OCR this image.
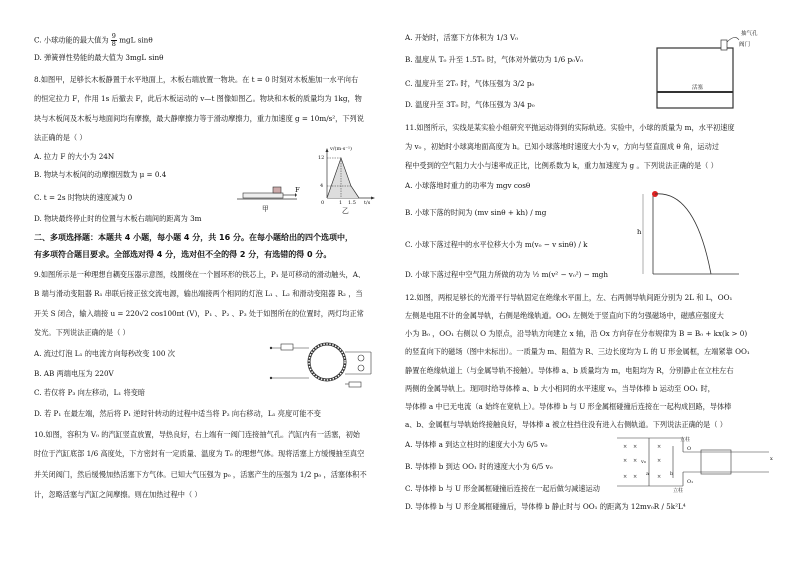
C. 小球动能的最大值为 $\frac{9}{8}$ mgL sinθ
D. 弹簧弹性势能的最大值为 3mgL sinθ
8.如图甲，足够长木板静置于水平地面上，木板右端放置一物块。在 t = 0 时刻对木板施加一水平向右
的恒定拉力 F，作用 1s 后撤去 F，此后木板运动的 v—t 图像如图乙。物块和木板的质量均为 1kg，物
块与木板间及木板与地面间均有摩擦，最大静摩擦力等于滑动摩擦力，重力加速度 g = 10m/s²，下列说
法正确的是（ ）
A. 拉力 F 的大小为 24N
B. 物块与木板间的动摩擦因数为 μ = 0.4
C. t = 2s 时物块的速度减为 0
D. 物块最终停止时的位置与木板右端间的距离为 3m
F
甲
v/(m·s⁻¹)
12
4
0	1 1.5 t/s
乙
二、多项选择题：本题共 4 小题，每小题 4 分，共 16 分。在每小题给出的四个选项中，
有多项符合题目要求。全部选对得 4 分，选对但不全的得 2 分，有选错的得 0 分。
9.如图所示是一种理想自耦变压器示意图，线圈绕在一个圆环形的铁芯上，P₁ 是可移动的滑动触头，A、
B 端与滑动变阻器 R₁ 串联后接正弦交流电源，输出端接两个相同的灯泡 L₁ 、L₂ 和滑动变阻器 R₂ ，当
开关 S 闭合，输入端接 u = 220√2 cos100πt (V)，P₁ 、P₂ 、P₃ 处于如图所在的位置时，两灯均正常
发光。下列说法正确的是（ ）
A. 流过灯泡 L₁ 的电流方向每秒改变 100 次
B. AB 两端电压为 220V
C. 若仅将 P₃ 向左移动，L₁ 将变暗
D. 若 P₁ 在最左端，然后将 P₁ 逆时针转动的过程中适当将 P₂ 向右移动，L₁ 亮度可能不变
10.如图，容积为 V₀ 的汽缸竖直放置，导热良好，右上端有一阀门连接抽气孔。汽缸内有一活塞，初始
时位于汽缸底部 1/6 高度处，下方密封有一定质量、温度为 T₀ 的理想气体。现将活塞上方缓慢抽至真空
并关闭阀门，然后缓慢加热活塞下方气体。已知大气压强为 p₀ ，活塞产生的压强为 1/2 p₀ ，活塞体积不
计，忽略活塞与汽缸之间摩擦。则在加热过程中（ ）
A. 开始时，活塞下方体积为 1/3 V₀
B. 温度从 T₀ 升至 1.5T₀ 时，气体对外做功为 1/6 p₀V₀
C. 温度升至 2T₀ 时，气体压强为 3/2 p₀
D. 温度升至 3T₀ 时，气体压强为 3/4 p₀
抽气孔
阀门
活塞
11.如图所示，实线是某实验小组研究平抛运动得到的实际轨迹。实验中，小球的质量为 m，水平初速度
为 v₀ ，初始时小球离地面高度为 h。已知小球落地时速度大小为 v，方向与竖直面成 θ 角，运动过
程中受到的空气阻力大小与速率成正比，比例系数为 k，重力加速度为 g 。下列说法正确的是（ ）
A. 小球落地时重力的功率为 mgv cosθ
B. 小球下落的时间为 (mv sinθ + kh) / mg
C. 小球下落过程中的水平位移大小为 m(v₀ − v sinθ) / k
D. 小球下落过程中空气阻力所做的功为 ½ m(v² − v₀²) − mgh
h
12.如图，两根足够长的光滑平行导轨固定在绝缘水平面上，左、右两侧导轨间距分别为 2L 和 L，OO₁
左侧是电阻不计的金属导轨，右侧是绝缘轨道。OO₁ 左侧处于竖直向下的匀强磁场中，磁感应强度大
小为 B₀ ，OO₁ 右侧以 O 为原点，沿导轨方向建立 x 轴，沿 Ox 方向存在分布规律为 B = B₀ + kx(k > 0)
的竖直向下的磁场（图中未标出）。一质量为 m、阻值为 R、三边长度均为 L 的 U 形金属框，左端紧靠 OO₁
静置在绝缘轨道上（与金属导轨不接触）。导体棒 a、b 质量均为 m，电阻均为 R，分别静止在立柱左右
两侧的金属导轨上。现同时给导体棒 a、b 大小相同的水平速度 v₀，当导体棒 b 运动至 OO₁ 时，
导体棒 a 中已无电流（a 始终在宽轨上）。导体棒 b 与 U 形金属框碰撞后连接在一起构成回路，导体棒
a、b、金属框与导轨始终接触良好，导体棒 a 被立柱挡住没有进入右侧轨道。下列说法正确的是（ ）
A. 导体棒 a 到达立柱时的速度大小为 6/5 v₀
B. 导体棒 b 到达 OO₁ 时的速度大小为 6/5 v₀
C. 导体棒 b 与 U 形金属框碰撞后连接在一起后做匀减速运动
D. 导体棒 b 与 U 形金属框碰撞后，导体棒 b 静止时与 OO₁ 的距离为 12mv₀R / 5k²L⁴
× ×	×
× ×	×
× ×	×
立柱
O
O₁
x
a	b
v₀
立柱
